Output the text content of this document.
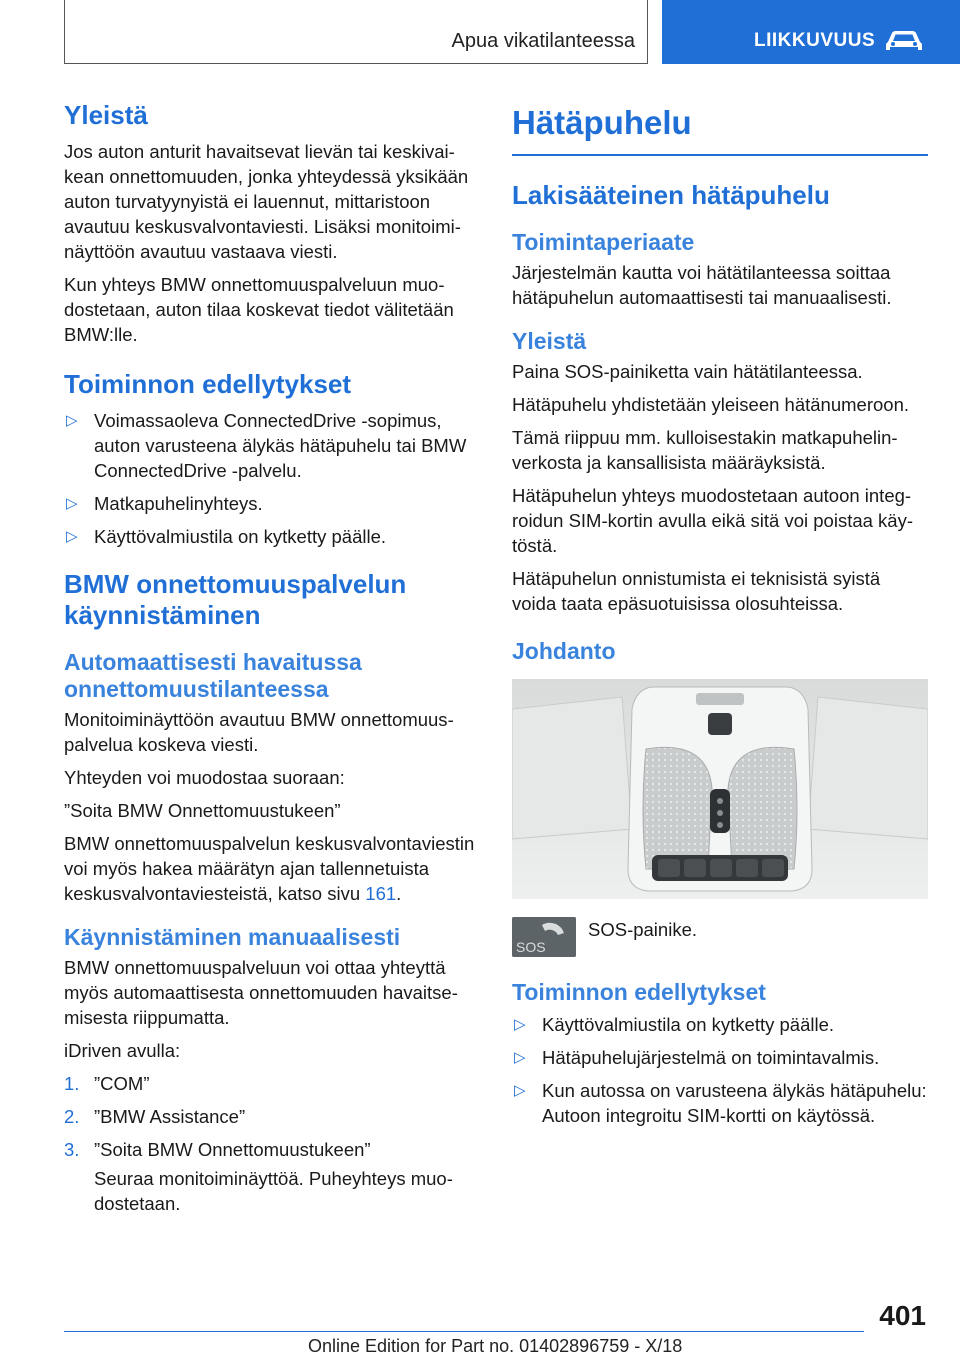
Apua vikatilanteessa	LIIKKUVUUS
Yleistä

Jos auton anturit havaitsevat lievän tai keskivaikean onnettomuuden, jonka yhteydessä yksikään auton turvatyynyistä ei lauennut, mittaristoon avautuu keskusvalvontaviesti. Lisäksi monitoiminäyttöön avautuu vastaava viesti.

Kun yhteys BMW onnettomuuspalveluun muodostetaan, auton tilaa koskevat tiedot välitetään BMW:lle.

Toiminnon edellytykset
▷ Voimassaoleva ConnectedDrive -sopimus, auton varusteena älykäs hätäpuhelu tai BMW ConnectedDrive -palvelu.
▷ Matkapuhelinyhteys.
▷ Käyttövalmiustila on kytketty päälle.
BMW onnettomuuspalvelun käynnistäminen
Automaattisesti havaitussa onnettomuustilanteessa

Monitoiminäyttöön avautuu BMW onnettomuuspalvelua koskeva viesti.

Yhteyden voi muodostaa suoraan:

”Soita BMW Onnettomuustukeen”

BMW onnettomuuspalvelun keskusvalvontaviestin voi myös hakea määrätyn ajan tallennetuista keskusvalvontaviesteistä, katso sivu 161.

Käynnistäminen manuaalisesti

BMW onnettomuuspalveluun voi ottaa yhteyttä myös automaattisesta onnettomuuden havaitsemisesta riippumatta.

iDriven avulla:

1. ”COM”
2. ”BMW Assistance”
3. ”Soita BMW Onnettomuustukeen”

Seuraa monitoiminäyttöä. Puheyhteys muodostetaan.

Hätäpuhelu
Lakisääteinen hätäpuhelu
Toimintaperiaate

Järjestelmän kautta voi hätätilanteessa soittaa hätäpuhelun automaattisesti tai manuaalisesti.

Yleistä

Paina SOS-painiketta vain hätätilanteessa.

Hätäpuhelu yhdistetään yleiseen hätänumeroon.

Tämä riippuu mm. kulloisestakin matkapuhelinverkosta ja kansallisista määräyksistä.

Hätäpuhelun yhteys muodostetaan autoon integroidun SIM-kortin avulla eikä sitä voi poistaa käytöstä.

Hätäpuhelun onnistumista ei teknisistä syistä voida taata epäsuotuisissa olosuhteissa.

Johdanto
SOS
SOS-painike.
Toiminnon edellytykset
▷ Käyttövalmiustila on kytketty päälle.
▷ Hätäpuhelujärjestelmä on toimintavalmis.
▷ Kun autossa on varusteena älykäs hätäpuhelu: Autoon integroitu SIM-kortti on käytössä.
401
Online Edition for Part no. 01402896759 - X/18
